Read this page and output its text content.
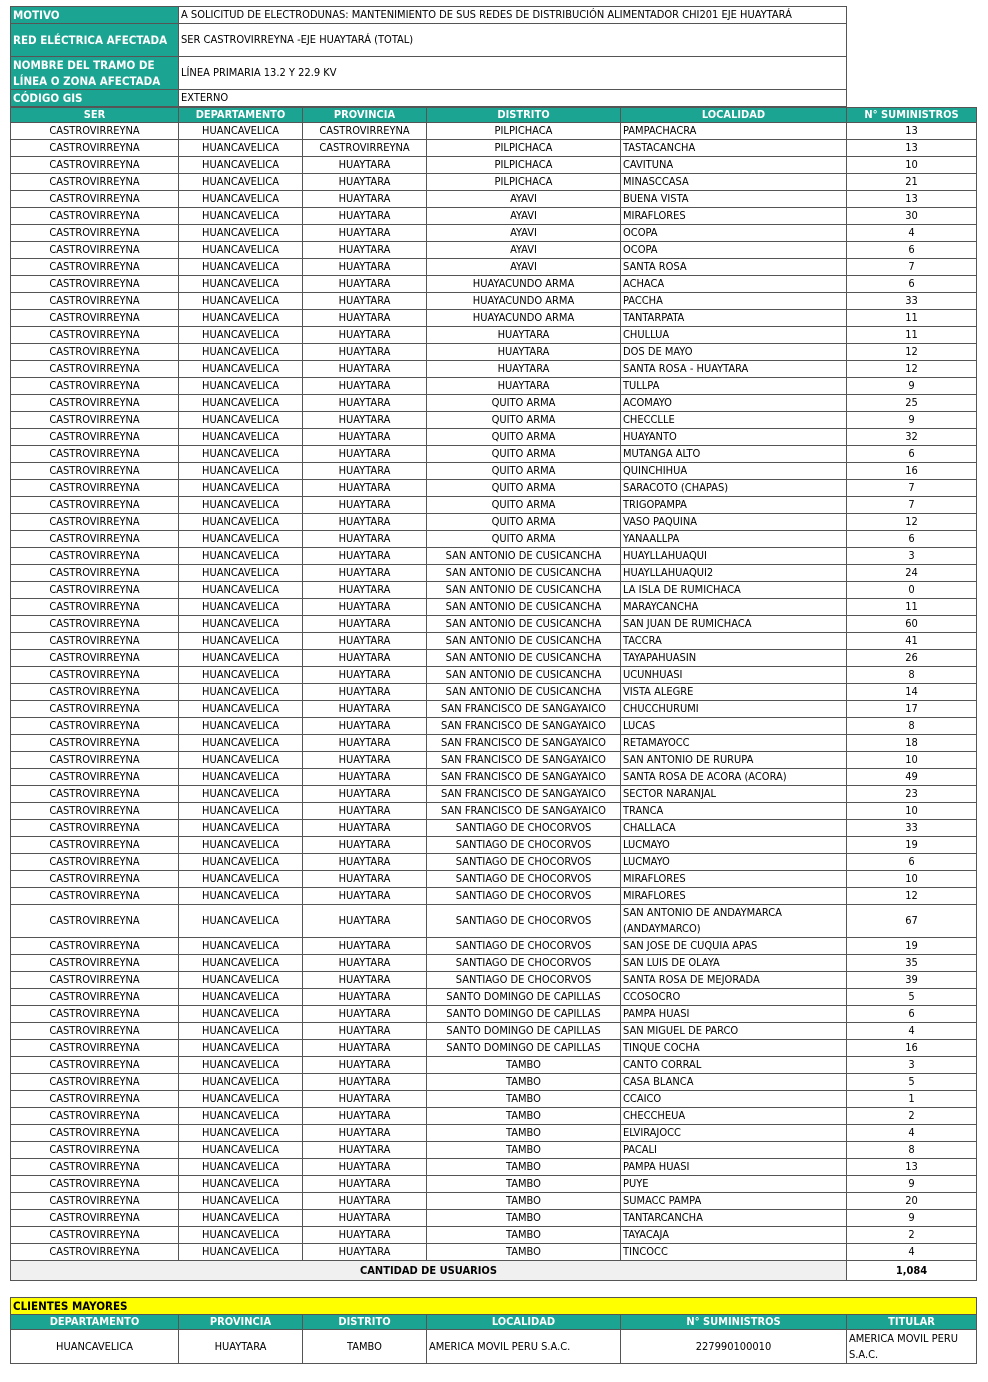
MOTIVO	A SOLICITUD DE ELECTRODUNAS: MANTENIMIENTO DE SUS REDES DE DISTRIBUCIÓN ALIMENTADOR CHI201 EJE HUAYTARÁ
RED ELÉCTRICA AFECTADA	SER CASTROVIRREYNA -EJE HUAYTARÁ (TOTAL)
NOMBRE DEL TRAMO DE LÍNEA O ZONA AFECTADA	LÍNEA PRIMARIA 13.2 Y 22.9 KV
CÓDIGO GIS	EXTERNO
SER	DEPARTAMENTO	PROVINCIA	DISTRITO	LOCALIDAD	N° SUMINISTROS
CASTROVIRREYNA	HUANCAVELICA	CASTROVIRREYNA	PILPICHACA	PAMPACHACRA	13
CASTROVIRREYNA	HUANCAVELICA	CASTROVIRREYNA	PILPICHACA	TASTACANCHA	13
CASTROVIRREYNA	HUANCAVELICA	HUAYTARA	PILPICHACA	CAVITUNA	10
CASTROVIRREYNA	HUANCAVELICA	HUAYTARA	PILPICHACA	MINASCCASA	21
CASTROVIRREYNA	HUANCAVELICA	HUAYTARA	AYAVI	BUENA VISTA	13
CASTROVIRREYNA	HUANCAVELICA	HUAYTARA	AYAVI	MIRAFLORES	30
CASTROVIRREYNA	HUANCAVELICA	HUAYTARA	AYAVI	OCOPA	4
CASTROVIRREYNA	HUANCAVELICA	HUAYTARA	AYAVI	OCOPA	6
CASTROVIRREYNA	HUANCAVELICA	HUAYTARA	AYAVI	SANTA ROSA	7
CASTROVIRREYNA	HUANCAVELICA	HUAYTARA	HUAYACUNDO ARMA	ACHACA	6
CASTROVIRREYNA	HUANCAVELICA	HUAYTARA	HUAYACUNDO ARMA	PACCHA	33
CASTROVIRREYNA	HUANCAVELICA	HUAYTARA	HUAYACUNDO ARMA	TANTARPATA	11
CASTROVIRREYNA	HUANCAVELICA	HUAYTARA	HUAYTARA	CHULLUA	11
CASTROVIRREYNA	HUANCAVELICA	HUAYTARA	HUAYTARA	DOS DE MAYO	12
CASTROVIRREYNA	HUANCAVELICA	HUAYTARA	HUAYTARA	SANTA ROSA - HUAYTARA	12
CASTROVIRREYNA	HUANCAVELICA	HUAYTARA	HUAYTARA	TULLPA	9
CASTROVIRREYNA	HUANCAVELICA	HUAYTARA	QUITO ARMA	ACOMAYO	25
CASTROVIRREYNA	HUANCAVELICA	HUAYTARA	QUITO ARMA	CHECCLLE	9
CASTROVIRREYNA	HUANCAVELICA	HUAYTARA	QUITO ARMA	HUAYANTO	32
CASTROVIRREYNA	HUANCAVELICA	HUAYTARA	QUITO ARMA	MUTANGA ALTO	6
CASTROVIRREYNA	HUANCAVELICA	HUAYTARA	QUITO ARMA	QUINCHIHUA	16
CASTROVIRREYNA	HUANCAVELICA	HUAYTARA	QUITO ARMA	SARACOTO (CHAPAS)	7
CASTROVIRREYNA	HUANCAVELICA	HUAYTARA	QUITO ARMA	TRIGOPAMPA	7
CASTROVIRREYNA	HUANCAVELICA	HUAYTARA	QUITO ARMA	VASO PAQUINA	12
CASTROVIRREYNA	HUANCAVELICA	HUAYTARA	QUITO ARMA	YANAALLPA	6
CASTROVIRREYNA	HUANCAVELICA	HUAYTARA	SAN ANTONIO DE CUSICANCHA	HUAYLLAHUAQUI	3
CASTROVIRREYNA	HUANCAVELICA	HUAYTARA	SAN ANTONIO DE CUSICANCHA	HUAYLLAHUAQUI2	24
CASTROVIRREYNA	HUANCAVELICA	HUAYTARA	SAN ANTONIO DE CUSICANCHA	LA ISLA DE RUMICHACA	0
CASTROVIRREYNA	HUANCAVELICA	HUAYTARA	SAN ANTONIO DE CUSICANCHA	MARAYCANCHA	11
CASTROVIRREYNA	HUANCAVELICA	HUAYTARA	SAN ANTONIO DE CUSICANCHA	SAN JUAN DE RUMICHACA	60
CASTROVIRREYNA	HUANCAVELICA	HUAYTARA	SAN ANTONIO DE CUSICANCHA	TACCRA	41
CASTROVIRREYNA	HUANCAVELICA	HUAYTARA	SAN ANTONIO DE CUSICANCHA	TAYAPAHUASIN	26
CASTROVIRREYNA	HUANCAVELICA	HUAYTARA	SAN ANTONIO DE CUSICANCHA	UCUNHUASI	8
CASTROVIRREYNA	HUANCAVELICA	HUAYTARA	SAN ANTONIO DE CUSICANCHA	VISTA ALEGRE	14
CASTROVIRREYNA	HUANCAVELICA	HUAYTARA	SAN FRANCISCO DE SANGAYAICO	CHUCCHURUMI	17
CASTROVIRREYNA	HUANCAVELICA	HUAYTARA	SAN FRANCISCO DE SANGAYAICO	LUCAS	8
CASTROVIRREYNA	HUANCAVELICA	HUAYTARA	SAN FRANCISCO DE SANGAYAICO	RETAMAYOCC	18
CASTROVIRREYNA	HUANCAVELICA	HUAYTARA	SAN FRANCISCO DE SANGAYAICO	SAN ANTONIO DE RURUPA	10
CASTROVIRREYNA	HUANCAVELICA	HUAYTARA	SAN FRANCISCO DE SANGAYAICO	SANTA ROSA DE ACORA (ACORA)	49
CASTROVIRREYNA	HUANCAVELICA	HUAYTARA	SAN FRANCISCO DE SANGAYAICO	SECTOR NARANJAL	23
CASTROVIRREYNA	HUANCAVELICA	HUAYTARA	SAN FRANCISCO DE SANGAYAICO	TRANCA	10
CASTROVIRREYNA	HUANCAVELICA	HUAYTARA	SANTIAGO DE CHOCORVOS	CHALLACA	33
CASTROVIRREYNA	HUANCAVELICA	HUAYTARA	SANTIAGO DE CHOCORVOS	LUCMAYO	19
CASTROVIRREYNA	HUANCAVELICA	HUAYTARA	SANTIAGO DE CHOCORVOS	LUCMAYO	6
CASTROVIRREYNA	HUANCAVELICA	HUAYTARA	SANTIAGO DE CHOCORVOS	MIRAFLORES	10
CASTROVIRREYNA	HUANCAVELICA	HUAYTARA	SANTIAGO DE CHOCORVOS	MIRAFLORES	12
CASTROVIRREYNA	HUANCAVELICA	HUAYTARA	SANTIAGO DE CHOCORVOS	SAN ANTONIO DE ANDAYMARCA (ANDAYMARCO)	67
CASTROVIRREYNA	HUANCAVELICA	HUAYTARA	SANTIAGO DE CHOCORVOS	SAN JOSE DE CUQUIA APAS	19
CASTROVIRREYNA	HUANCAVELICA	HUAYTARA	SANTIAGO DE CHOCORVOS	SAN LUIS DE OLAYA	35
CASTROVIRREYNA	HUANCAVELICA	HUAYTARA	SANTIAGO DE CHOCORVOS	SANTA ROSA DE MEJORADA	39
CASTROVIRREYNA	HUANCAVELICA	HUAYTARA	SANTO DOMINGO DE CAPILLAS	CCOSOCRO	5
CASTROVIRREYNA	HUANCAVELICA	HUAYTARA	SANTO DOMINGO DE CAPILLAS	PAMPA HUASI	6
CASTROVIRREYNA	HUANCAVELICA	HUAYTARA	SANTO DOMINGO DE CAPILLAS	SAN MIGUEL DE PARCO	4
CASTROVIRREYNA	HUANCAVELICA	HUAYTARA	SANTO DOMINGO DE CAPILLAS	TINQUE COCHA	16
CASTROVIRREYNA	HUANCAVELICA	HUAYTARA	TAMBO	CANTO CORRAL	3
CASTROVIRREYNA	HUANCAVELICA	HUAYTARA	TAMBO	CASA BLANCA	5
CASTROVIRREYNA	HUANCAVELICA	HUAYTARA	TAMBO	CCAICO	1
CASTROVIRREYNA	HUANCAVELICA	HUAYTARA	TAMBO	CHECCHEUA	2
CASTROVIRREYNA	HUANCAVELICA	HUAYTARA	TAMBO	ELVIRAJOCC	4
CASTROVIRREYNA	HUANCAVELICA	HUAYTARA	TAMBO	PACALI	8
CASTROVIRREYNA	HUANCAVELICA	HUAYTARA	TAMBO	PAMPA HUASI	13
CASTROVIRREYNA	HUANCAVELICA	HUAYTARA	TAMBO	PUYE	9
CASTROVIRREYNA	HUANCAVELICA	HUAYTARA	TAMBO	SUMACC PAMPA	20
CASTROVIRREYNA	HUANCAVELICA	HUAYTARA	TAMBO	TANTARCANCHA	9
CASTROVIRREYNA	HUANCAVELICA	HUAYTARA	TAMBO	TAYACAJA	2
CASTROVIRREYNA	HUANCAVELICA	HUAYTARA	TAMBO	TINCOCC	4
CANTIDAD DE USUARIOS					1,084
CLIENTES MAYORES					
DEPARTAMENTO	PROVINCIA	DISTRITO	LOCALIDAD	N° SUMINISTROS	TITULAR
HUANCAVELICA	HUAYTARA	TAMBO	AMERICA MOVIL PERU S.A.C.	227990100010	AMERICA MOVIL PERU S.A.C.
